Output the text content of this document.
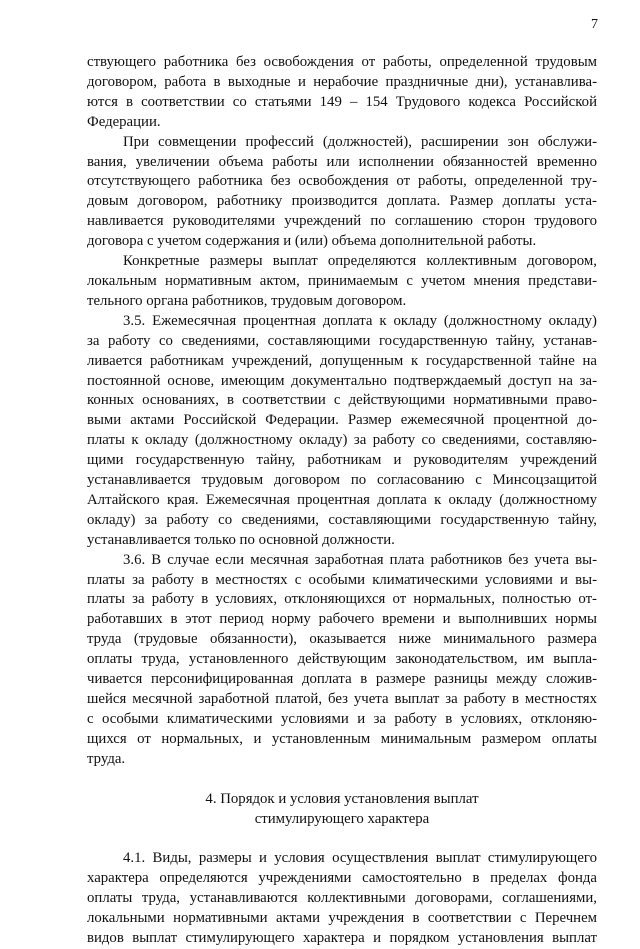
7
ствующего работника без освобождения от работы, определенной трудовым
договором, работа в выходные и нерабочие праздничные дни), устанавлива-
ются в соответствии со статьями 149 – 154 Трудового кодекса Российской
Федерации.
При совмещении профессий (должностей), расширении зон обслужи-
вания, увеличении объема работы или исполнении обязанностей временно
отсутствующего работника без освобождения от работы, определенной тру-
довым договором, работнику производится доплата. Размер доплаты уста-
навливается руководителями учреждений по соглашению сторон трудового
договора с учетом содержания и (или) объема дополнительной работы.
Конкретные размеры выплат определяются коллективным договором,
локальным нормативным актом, принимаемым с учетом мнения представи-
тельного органа работников, трудовым договором.
3.5. Ежемесячная процентная доплата к окладу (должностному окладу)
за работу со сведениями, составляющими государственную тайну, устанав-
ливается работникам учреждений, допущенным к государственной тайне на
постоянной основе, имеющим документально подтверждаемый доступ на за-
конных основаниях, в соответствии с действующими нормативными право-
выми актами Российской Федерации. Размер ежемесячной процентной до-
платы к окладу (должностному окладу) за работу со сведениями, составляю-
щими государственную тайну, работникам и руководителям учреждений
устанавливается трудовым договором по согласованию с Минсоцзащитой
Алтайского края. Ежемесячная процентная доплата к окладу (должностному
окладу) за работу со сведениями, составляющими государственную тайну,
устанавливается только по основной должности.
3.6. В случае если месячная заработная плата работников без учета вы-
платы за работу в местностях с особыми климатическими условиями и вы-
платы за работу в условиях, отклоняющихся от нормальных, полностью от-
работавших в этот период норму рабочего времени и выполнивших нормы
труда (трудовые обязанности), оказывается ниже минимального размера
оплаты труда, установленного действующим законодательством, им выпла-
чивается персонифицированная доплата в размере разницы между сложив-
шейся месячной заработной платой, без учета выплат за работу в местностях
с особыми климатическими условиями и за работу в условиях, отклоняю-
щихся от нормальных, и установленным минимальным размером оплаты
труда.
4. Порядок и условия установления выплат
стимулирующего характера
4.1. Виды, размеры и условия осуществления выплат стимулирующего
характера определяются учреждениями самостоятельно в пределах фонда
оплаты труда, устанавливаются коллективными договорами, соглашениями,
локальными нормативными актами учреждения в соответствии с Перечнем
видов выплат стимулирующего характера и порядком установления выплат
